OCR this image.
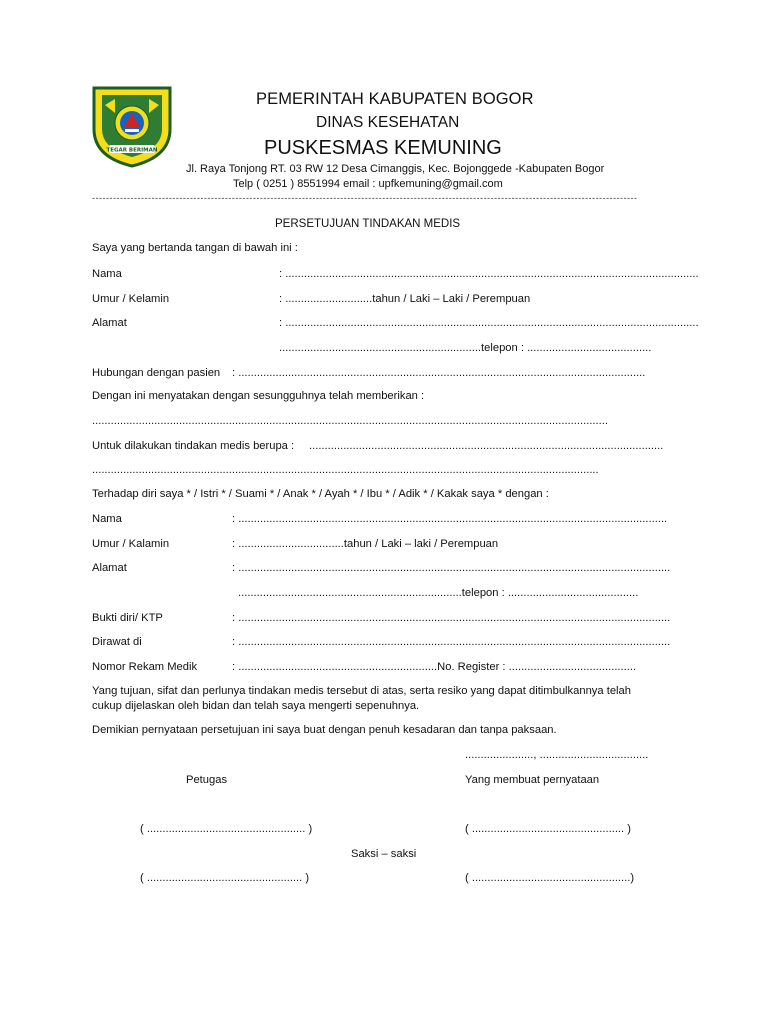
TEGAR BERIMAN
PEMERINTAH KABUPATEN BOGOR
DINAS KESEHATAN
PUSKESMAS KEMUNING
Jl. Raya Tonjong RT. 03 RW 12 Desa Cimanggis, Kec. Bojonggede -Kabupaten Bogor
Telp ( 0251 ) 8551994 email : upfkemuning@gmail.com
------------------------------------------------------------------------------------------------------------------------------------------------------------
PERSETUJUAN TINDAKAN MEDIS
Saya yang bertanda tangan di bawah ini :
Nama	: .....................................................................................................................................
Umur / Kelamin	: ............................tahun / Laki – Laki / Perempuan
Alamat	: .....................................................................................................................................
.................................................................telepon : ........................................
Hubungan dengan pasien : ...................................................................................................................................
Dengan ini menyatakan dengan sesungguhnya telah memberikan :
......................................................................................................................................................................
Untuk dilakukan tindakan medis berupa : ..................................................................................................................
...................................................................................................................................................................
Terhadap diri saya * / Istri * / Suami * / Anak * / Ayah * / Ibu * / Adik * / Kakak saya * dengan :
Nama	: ..........................................................................................................................................
Umur / Kalamin	: ..................................tahun / Laki – laki / Perempuan
Alamat	: ...........................................................................................................................................
........................................................................telepon : ..........................................
Bukti diri/ KTP	: ...........................................................................................................................................
Dirawat di	: ...........................................................................................................................................
Nomor Rekam Medik	: ................................................................No. Register : .........................................
Yang tujuan, sifat dan perlunya tindakan medis tersebut di atas, serta resiko yang dapat ditimbulkannya telah
cukup dijelaskan oleh bidan dan telah saya mengerti sepenuhnya.
Demikian pernyataan persetujuan ini saya buat dengan penuh kesadaran dan tanpa paksaan.
......................, ...................................
Petugas	Yang membuat pernyataan
( ................................................... )	( ................................................. )
Saksi – saksi
( .................................................. )	( ...................................................)
